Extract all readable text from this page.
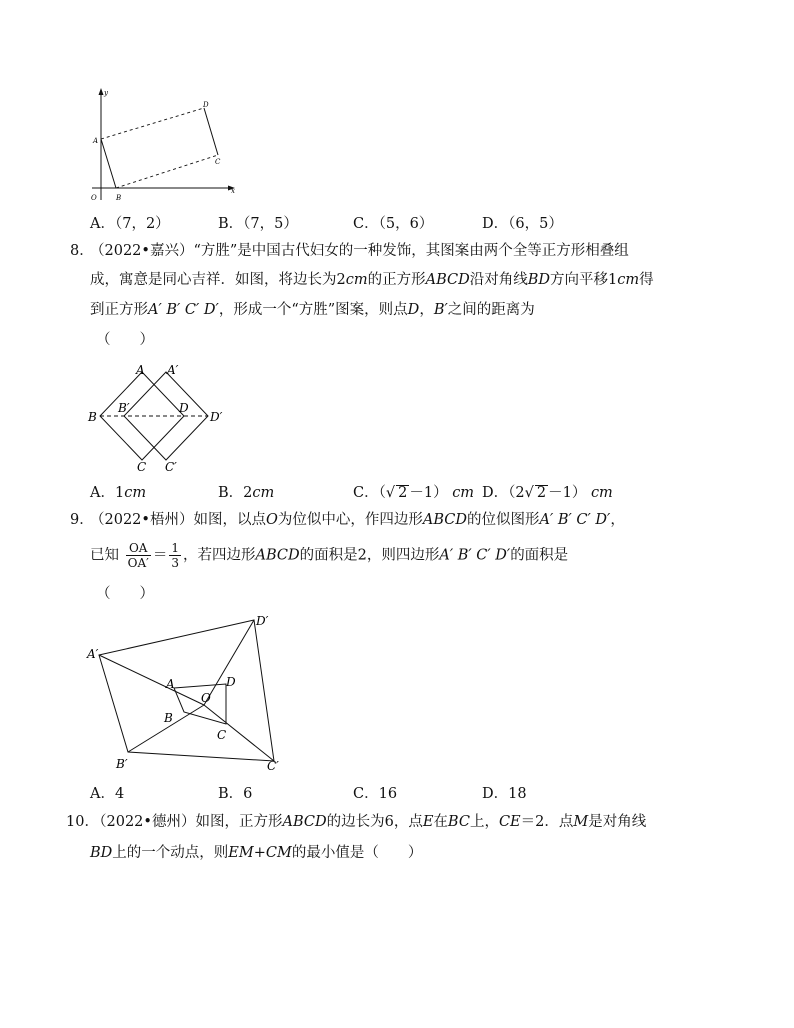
y
x
O
A
B
C
D
A．（7，2）	B．（7，5）	C．（5，6）	D．（6，5）
8．
（2022•嘉兴）“方胜”是中国古代妇女的一种发饰，其图案由两个全等正方形相叠组
成，寓意是同心吉祥．如图，将边长为2cm的正方形ABCD沿对角线BD方向平移1cm得
到正方形A′ B′ C′ D′，形成一个“方胜”图案，则点D，B′之间的距离为
（　　）
A A′
B
B′	D
D′
C C′
A．1cm	B．2cm	C．（√ 2 －1） cm D．（2√ 2 －1） cm
9．
（2022•梧州）如图，以点O为位似中心，作四边形ABCD的位似图形A′ B′ C′ D′，
已知 $\frac{OA}{OA'} = \frac{1}{3}$ ，若四边形ABCD的面积是2，则四边形A′ B′ C′ D′的面积是
（　　）
A′
D′
B′	C′
A	D
O
B
C
A．4	B．6	C．16	D．18
10．
（2022•德州）如图，正方形ABCD的边长为6，点E在BC上，CE＝2．点M是对角线
BD上的一个动点，则EM+CM的最小值是（　　）
